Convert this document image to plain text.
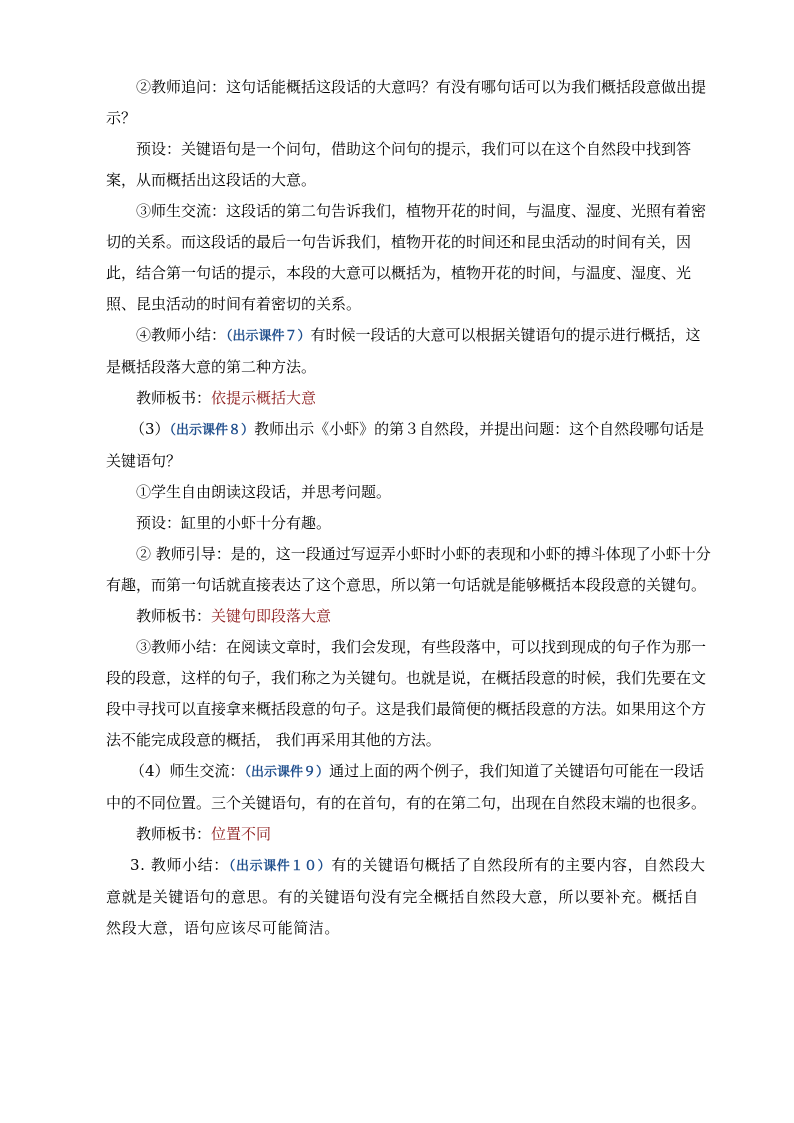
②教师追问：这句话能概括这段话的大意吗？有没有哪句话可以为我们概括段意做出提示？

预设：关键语句是一个问句，借助这个问句的提示，我们可以在这个自然段中找到答案，从而概括出这段话的大意。

③师生交流：这段话的第二句告诉我们，植物开花的时间，与温度、湿度、光照有着密切的关系。而这段话的最后一句告诉我们，植物开花的时间还和昆虫活动的时间有关，因此，结合第一句话的提示，本段的大意可以概括为，植物开花的时间，与温度、湿度、光照、昆虫活动的时间有着密切的关系。

④教师小结：（出示课件７）有时候一段话的大意可以根据关键语句的提示进行概括，这是概括段落大意的第二种方法。

教师板书：依提示概括大意

（3）（出示课件８）教师出示《小虾》的第３自然段，并提出问题：这个自然段哪句话是关键语句？

①学生自由朗读这段话，并思考问题。

预设：缸里的小虾十分有趣。

② 教师引导：是的，这一段通过写逗弄小虾时小虾的表现和小虾的搏斗体现了小虾十分有趣，而第一句话就直接表达了这个意思，所以第一句话就是能够概括本段段意的关键句。

教师板书：关键句即段落大意

③教师小结：在阅读文章时，我们会发现，有些段落中，可以找到现成的句子作为那一段的段意，这样的句子，我们称之为关键句。也就是说，在概括段意的时候，我们先要在文段中寻找可以直接拿来概括段意的句子。这是我们最简便的概括段意的方法。如果用这个方法不能完成段意的概括， 我们再采用其他的方法。

（4）师生交流：（出示课件９）通过上面的两个例子，我们知道了关键语句可能在一段话中的不同位置。三个关键语句，有的在首句，有的在第二句，出现在自然段末端的也很多。

教师板书：位置不同

3. 教师小结：（出示课件１０）有的关键语句概括了自然段所有的主要内容，自然段大意就是关键语句的意思。有的关键语句没有完全概括自然段大意，所以要补充。概括自然段大意，语句应该尽可能简洁。
